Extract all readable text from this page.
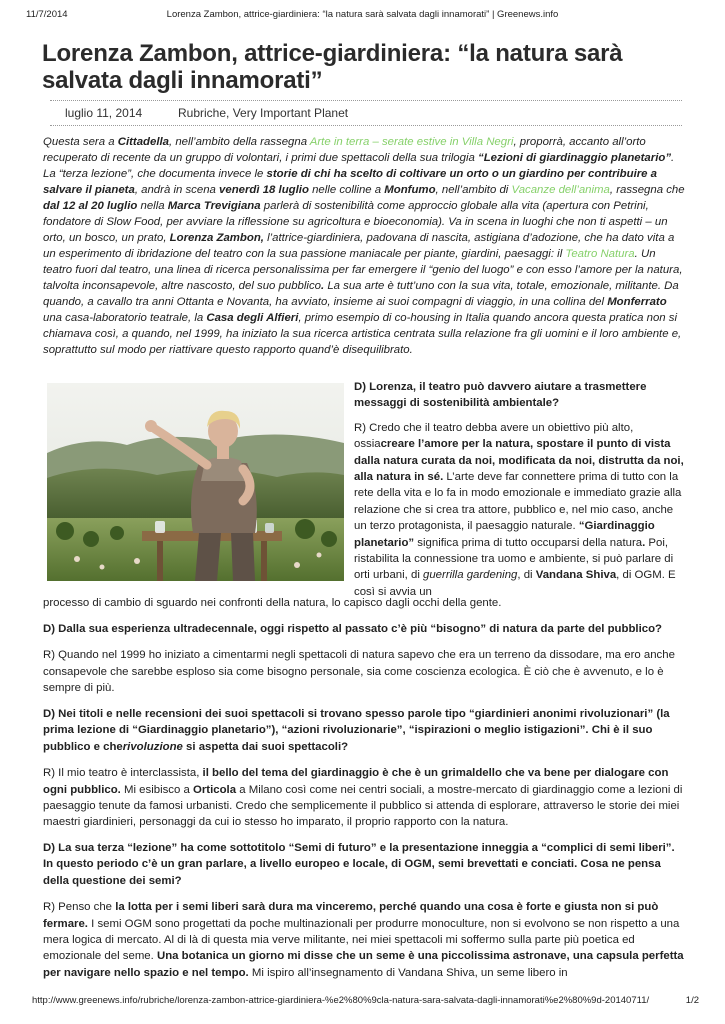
11/7/2014	Lorenza Zambon, attrice-giardiniera: “la natura sarà salvata dagli innamorati” | Greenews.info
Lorenza Zambon, attrice-giardiniera: “la natura sarà salvata dagli innamorati”
luglio 11, 2014	Rubriche, Very Important Planet

Questa sera a Cittadella, nell’ambito della rassegna Arte in terra – serate estive in Villa Negri, proporrà, accanto all’orto recuperato di recente da un gruppo di volontari, i primi due spettacoli della sua trilogia “Lezioni di giardinaggio planetario”. La “terza lezione”, che documenta invece le storie di chi ha scelto di coltivare un orto o un giardino per contribuire a salvare il pianeta, andrà in scena venerdì 18 luglio nelle colline a Monfumo, nell’ambito di Vacanze dell’anima, rassegna che dal 12 al 20 luglio nella Marca Trevigiana parlerà di sostenibilità come approccio globale alla vita (apertura con Petrini, fondatore di Slow Food, per avviare la riflessione su agricoltura e bioeconomia). Va in scena in luoghi che non ti aspetti – un orto, un bosco, un prato, Lorenza Zambon, l’attrice-giardiniera, padovana di nascita, astigiana d’adozione, che ha dato vita a un esperimento di ibridazione del teatro con la sua passione maniacale per piante, giardini, paesaggi: il Teatro Natura. Un teatro fuori dal teatro, una linea di ricerca personalissima per far emergere il “genio del luogo” e con esso l’amore per la natura, talvolta inconsapevole, altre nascosto, del suo pubblico. La sua arte è tutt’uno con la sua vita, totale, emozionale, militante. Da quando, a cavallo tra anni Ottanta e Novanta, ha avviato, insieme ai suoi compagni di viaggio, in una collina del Monferrato una casa-laboratorio teatrale, la Casa degli Alfieri, primo esempio di co-housing in Italia quando ancora questa pratica non si chiamava così, a quando, nel 1999, ha iniziato la sua ricerca artistica centrata sulla relazione fra gli uomini e il loro ambiente e, soprattutto sul modo per riattivare questo rapporto quand’è disequilibrato.

D) Lorenza, il teatro può davvero aiutare a trasmettere messaggi di sostenibilità ambientale?

R) Credo che il teatro debba avere un obiettivo più alto, ossiacreare l’amore per la natura, spostare il punto di vista dalla natura curata da noi, modificata da noi, distrutta da noi, alla natura in sé. L’arte deve far connettere prima di tutto con la rete della vita e lo fa in modo emozionale e immediato grazie alla relazione che si crea tra attore, pubblico e, nel mio caso, anche un terzo protagonista, il paesaggio naturale. “Giardinaggio planetario” significa prima di tutto occuparsi della natura. Poi, ristabilita la connessione tra uomo e ambiente, si può parlare di orti urbani, di guerrilla gardening, di Vandana Shiva, di OGM. E così si avvia un

processo di cambio di sguardo nei confronti della natura, lo capisco dagli occhi della gente.

D) Dalla sua esperienza ultradecennale, oggi rispetto al passato c’è più “bisogno” di natura da parte del pubblico?

R) Quando nel 1999 ho iniziato a cimentarmi negli spettacoli di natura sapevo che era un terreno da dissodare, ma ero anche consapevole che sarebbe esploso sia come bisogno personale, sia come coscienza ecologica. È ciò che è avvenuto, e lo è sempre di più.

D) Nei titoli e nelle recensioni dei suoi spettacoli si trovano spesso parole tipo “giardinieri anonimi rivoluzionari” (la prima lezione di “Giardinaggio planetario”), “azioni rivoluzionarie”, “ispirazioni o meglio istigazioni”. Chi è il suo pubblico e cherivoluzione si aspetta dai suoi spettacoli?

R) Il mio teatro è interclassista, il bello del tema del giardinaggio è che è un grimaldello che va bene per dialogare con ogni pubblico. Mi esibisco a Orticola a Milano così come nei centri sociali, a mostre-mercato di giardinaggio come a lezioni di paesaggio tenute da famosi urbanisti. Credo che semplicemente il pubblico si attenda di esplorare, attraverso le storie dei miei maestri giardinieri, personaggi da cui io stesso ho imparato, il proprio rapporto con la natura.

D) La sua terza “lezione” ha come sottotitolo “Semi di futuro” e la presentazione inneggia a “complici di semi liberi”. In questo periodo c’è un gran parlare, a livello europeo e locale, di OGM, semi brevettati e conciati. Cosa ne pensa della questione dei semi?

R) Penso che la lotta per i semi liberi sarà dura ma vinceremo, perché quando una cosa è forte e giusta non si può fermare. I semi OGM sono progettati da poche multinazionali per produrre monoculture, non si evolvono se non rispetto a una mera logica di mercato. Al di là di questa mia verve militante, nei miei spettacoli mi soffermo sulla parte più poetica ed emozionale del seme. Una botanica un giorno mi disse che un seme è una piccolissima astronave, una capsula perfetta per navigare nello spazio e nel tempo. Mi ispiro all’insegnamento di Vandana Shiva, un seme libero in

http://www.greenews.info/rubriche/lorenza-zambon-attrice-giardiniera-%e2%80%9cla-natura-sara-salvata-dagli-innamorati%e2%80%9d-20140711/	1/2
